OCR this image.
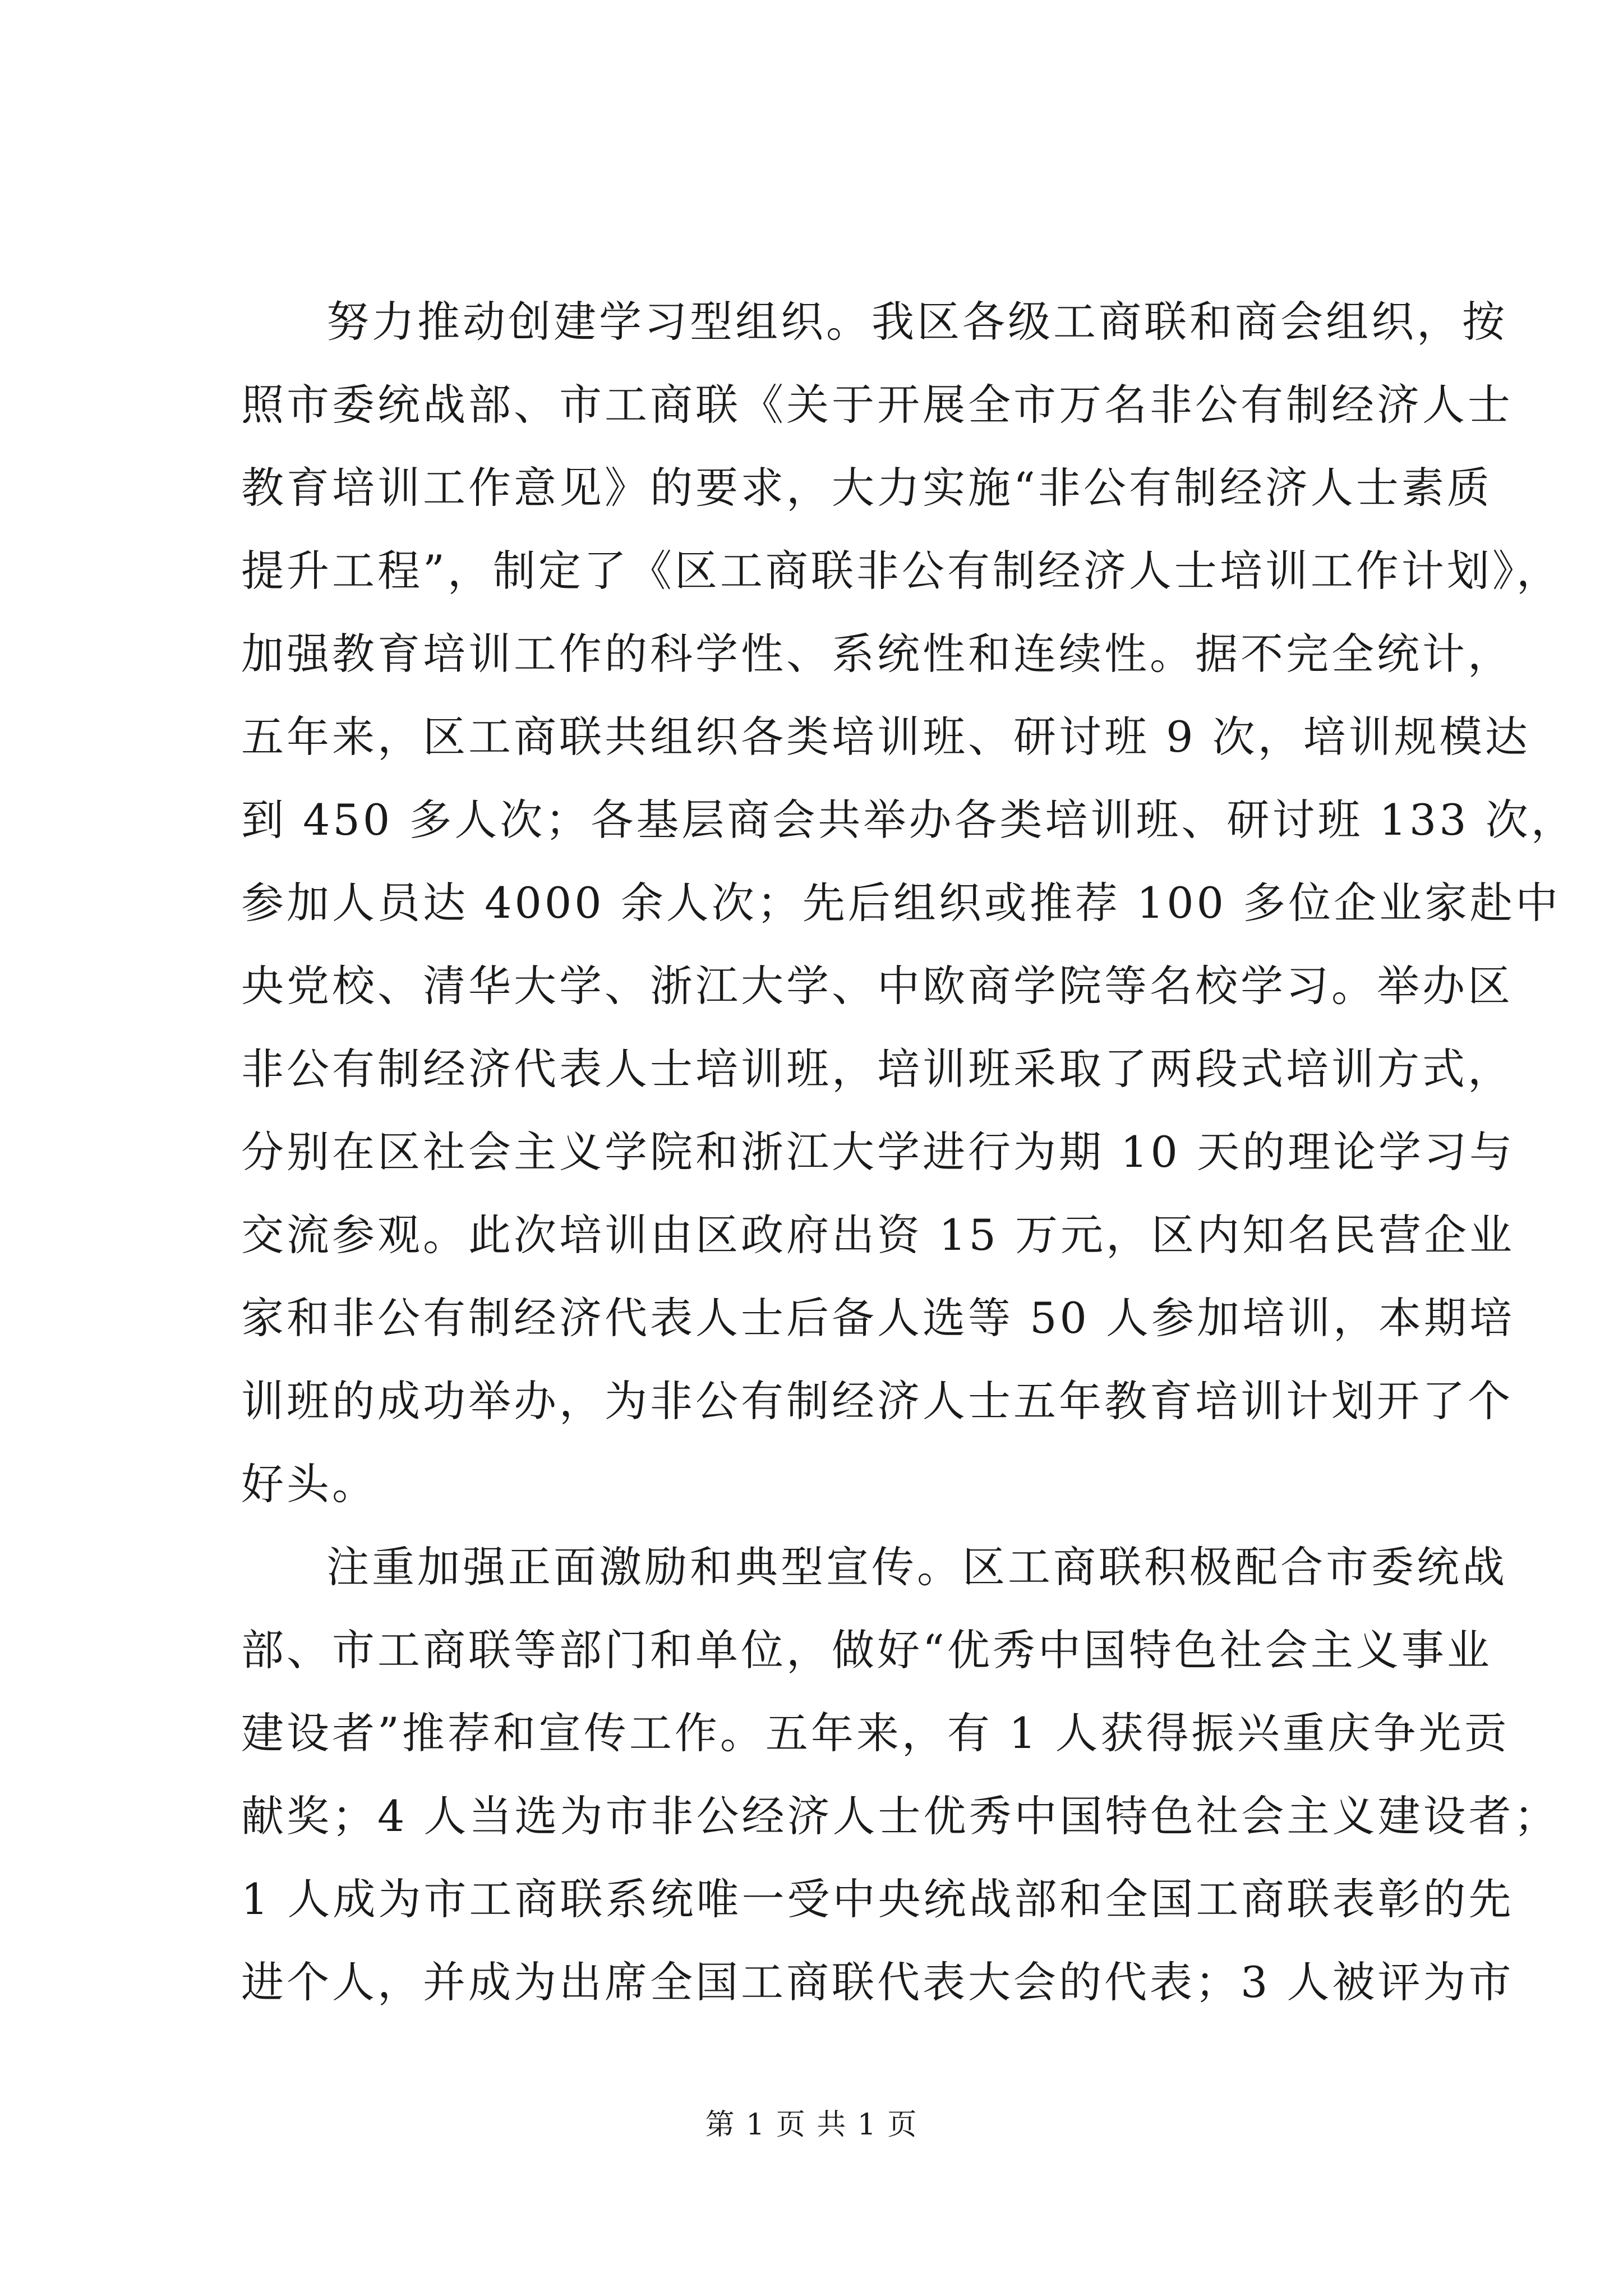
努力推动创建学习型组织。我区各级工商联和商会组织，按
照市委统战部、市工商联《关于开展全市万名非公有制经济人士
教育培训工作意见》的要求，大力实施“非公有制经济人士素质
提升工程”，制定了《区工商联非公有制经济人士培训工作计划》，
加强教育培训工作的科学性、系统性和连续性。据不完全统计，
五年来，区工商联共组织各类培训班、研讨班 9 次，培训规模达
到 450 多人次；各基层商会共举办各类培训班、研讨班 133 次，
参加人员达 4000 余人次；先后组织或推荐 100 多位企业家赴中
央党校、清华大学、浙江大学、中欧商学院等名校学习。举办区
非公有制经济代表人士培训班，培训班采取了两段式培训方式，
分别在区社会主义学院和浙江大学进行为期 10 天的理论学习与
交流参观。此次培训由区政府出资 15 万元，区内知名民营企业
家和非公有制经济代表人士后备人选等 50 人参加培训，本期培
训班的成功举办，为非公有制经济人士五年教育培训计划开了个
好头。
注重加强正面激励和典型宣传。区工商联积极配合市委统战
部、市工商联等部门和单位，做好“优秀中国特色社会主义事业
建设者”推荐和宣传工作。五年来，有 1 人获得振兴重庆争光贡
献奖；4 人当选为市非公经济人士优秀中国特色社会主义建设者；
1 人成为市工商联系统唯一受中央统战部和全国工商联表彰的先
进个人，并成为出席全国工商联代表大会的代表；3 人被评为市
第 1 页 共 1 页
